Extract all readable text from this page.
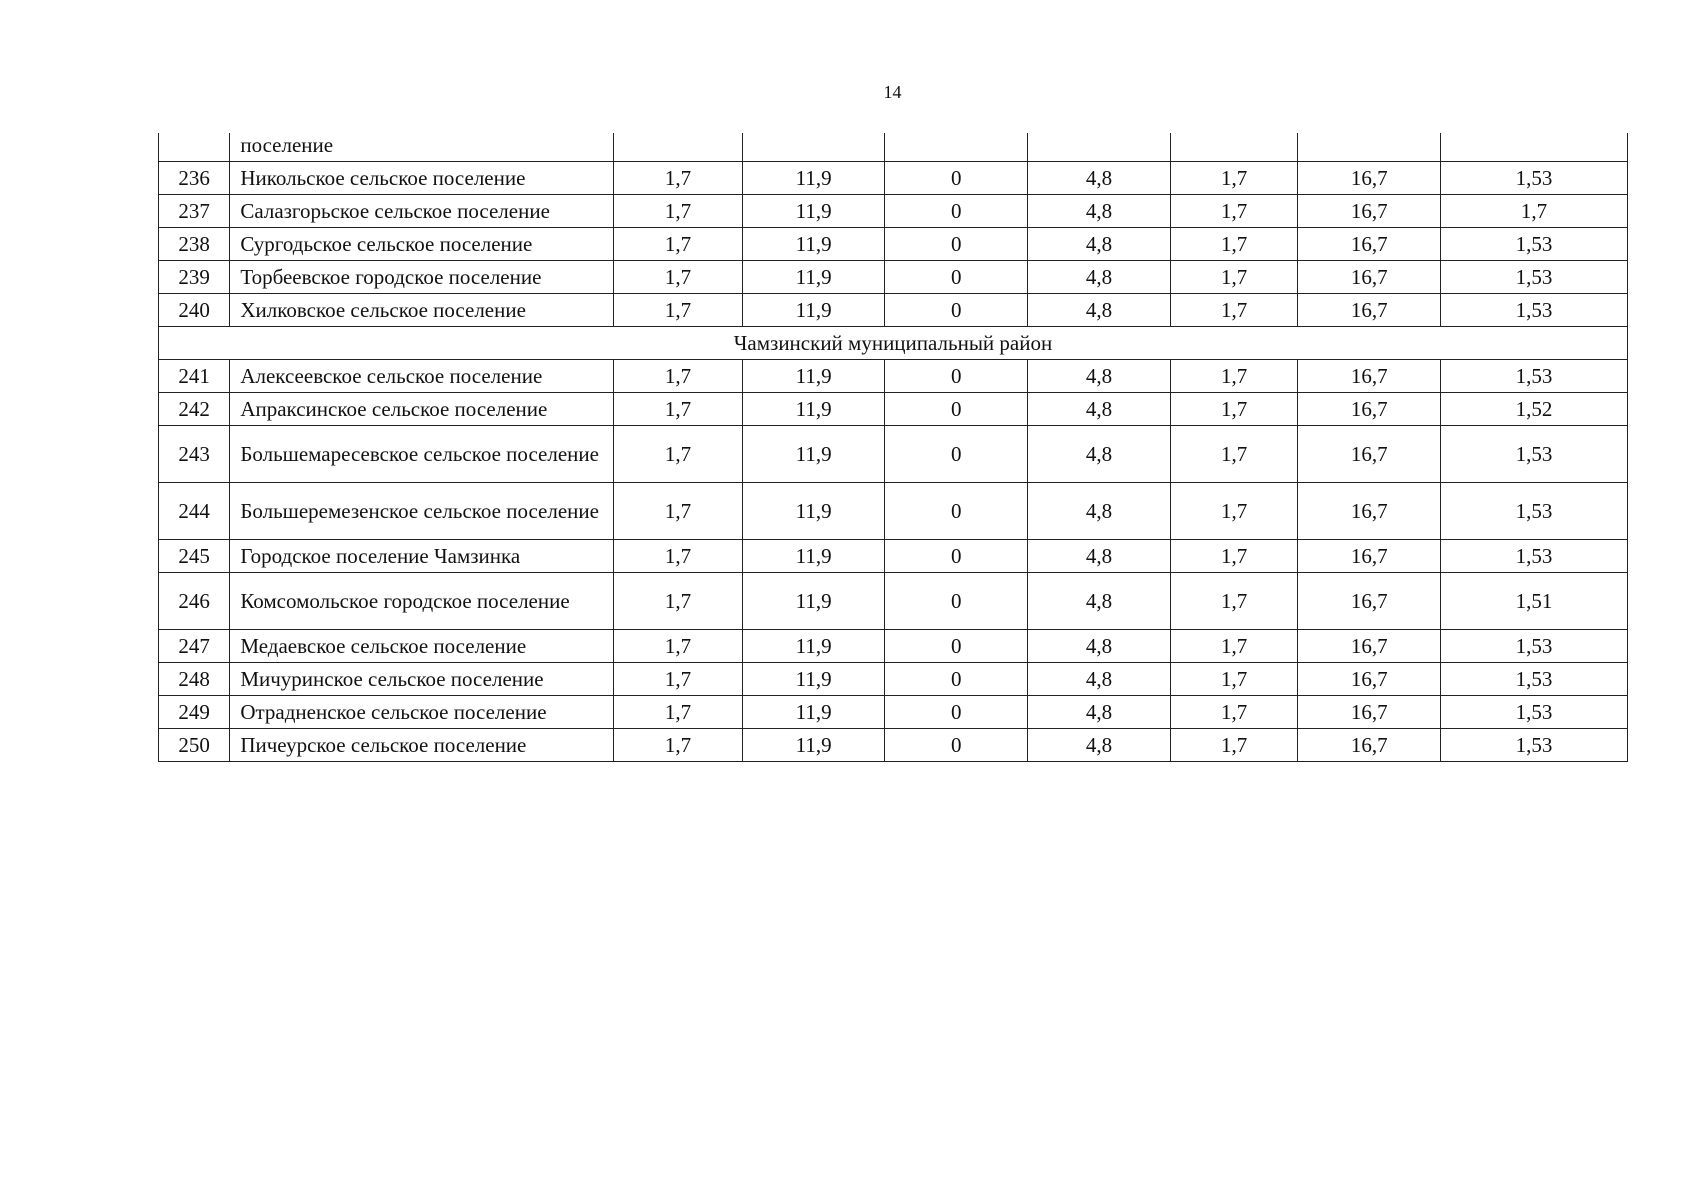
14
	поселение							
236	Никольское сельское поселение	1,7	11,9	0	4,8	1,7	16,7	1,53
237	Салазгорьское сельское поселение	1,7	11,9	0	4,8	1,7	16,7	1,7
238	Сургодьское сельское поселение	1,7	11,9	0	4,8	1,7	16,7	1,53
239	Торбеевское городское поселение	1,7	11,9	0	4,8	1,7	16,7	1,53
240	Хилковское сельское поселение	1,7	11,9	0	4,8	1,7	16,7	1,53
Чамзинский муниципальный район								
241	Алексеевское сельское поселение	1,7	11,9	0	4,8	1,7	16,7	1,53
242	Апраксинское сельское поселение	1,7	11,9	0	4,8	1,7	16,7	1,52
243	Большемаресевское сельское поселение	1,7	11,9	0	4,8	1,7	16,7	1,53
244	Большеремезенское сельское поселение	1,7	11,9	0	4,8	1,7	16,7	1,53
245	Городское поселение Чамзинка	1,7	11,9	0	4,8	1,7	16,7	1,53
246	Комсомольское городское поселение	1,7	11,9	0	4,8	1,7	16,7	1,51
247	Медаевское сельское поселение	1,7	11,9	0	4,8	1,7	16,7	1,53
248	Мичуринское сельское поселение	1,7	11,9	0	4,8	1,7	16,7	1,53
249	Отрадненское сельское поселение	1,7	11,9	0	4,8	1,7	16,7	1,53
250	Пичеурское сельское поселение	1,7	11,9	0	4,8	1,7	16,7	1,53
